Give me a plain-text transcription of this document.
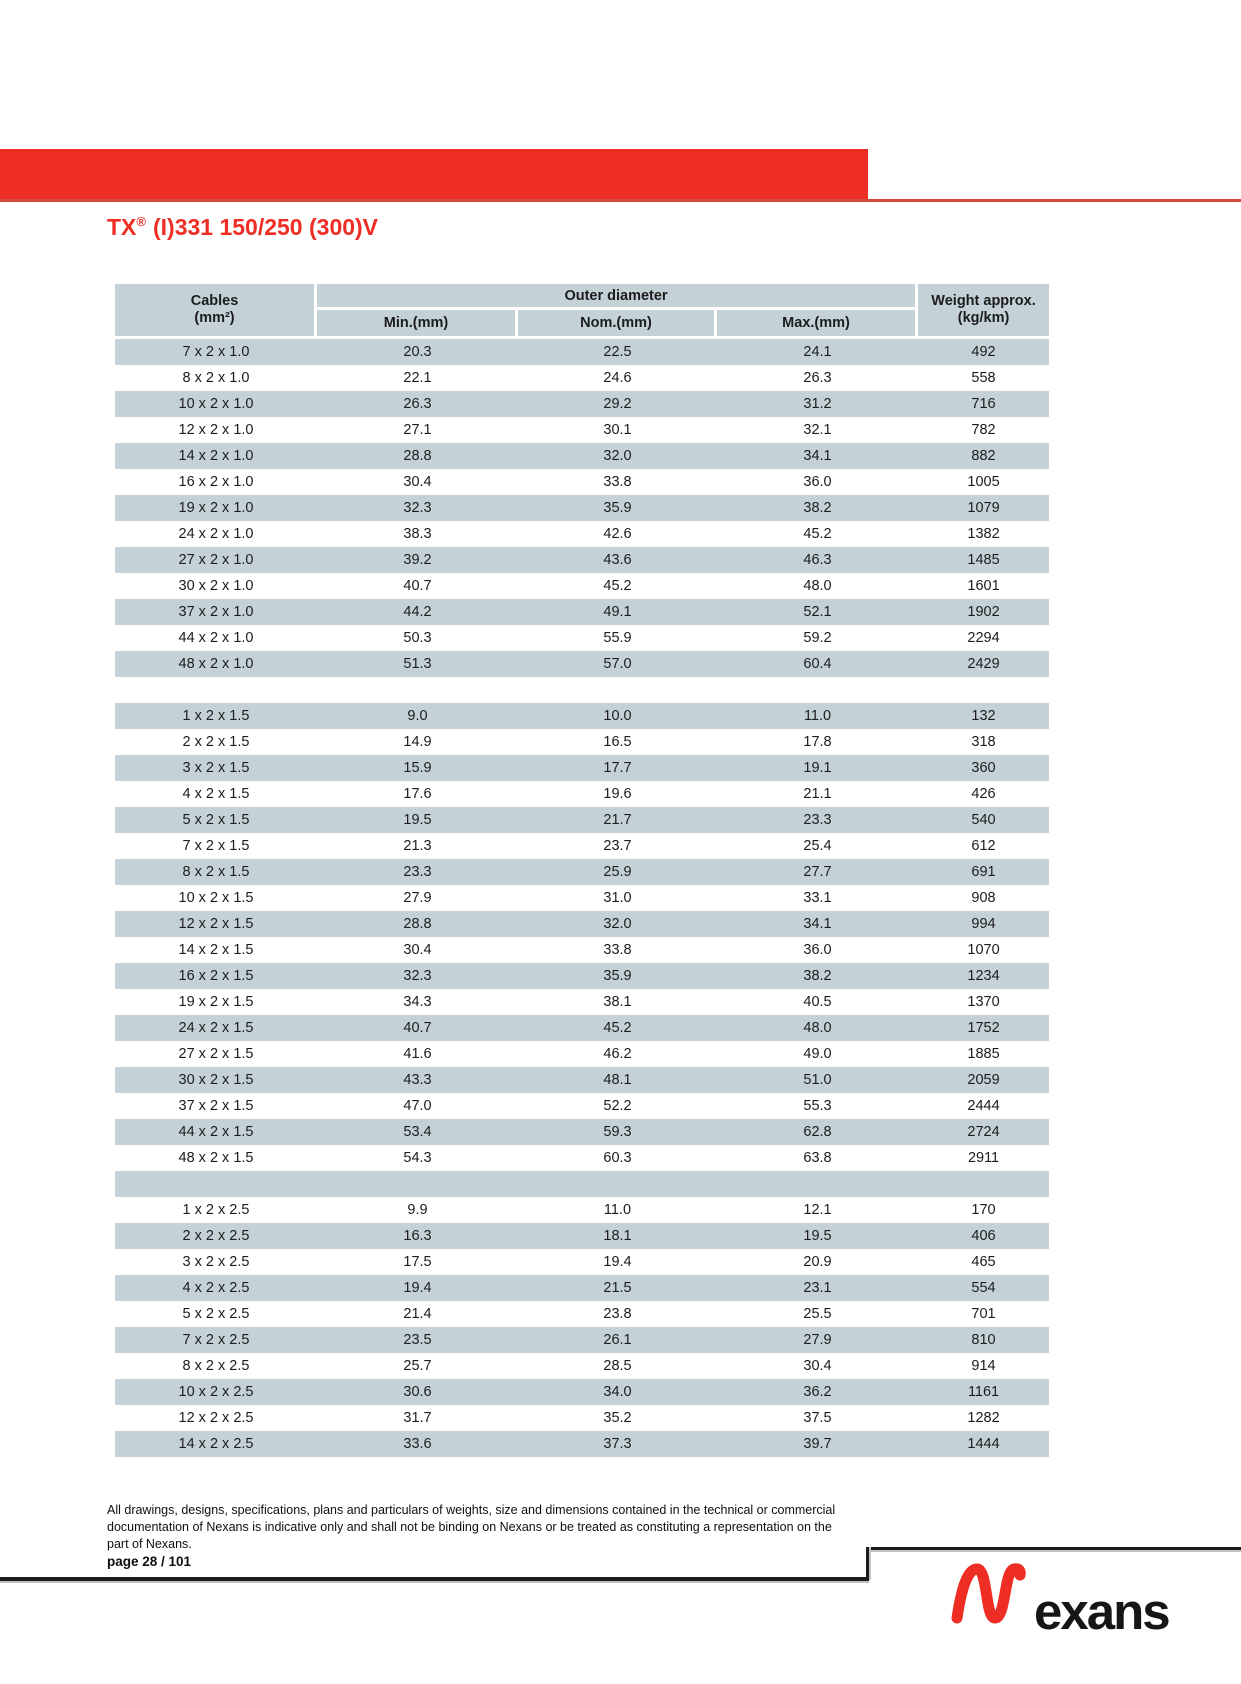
TX® (I)331 150/250 (300)V
Cables
(mm²)	Outer diameter			Weight approx.
(kg/km)

	Min.(mm)	Nom.(mm)	Max.(mm)	
7 x 2 x 1.0	20.3	22.5	24.1	492
8 x 2 x 1.0	22.1	24.6	26.3	558
10 x 2 x 1.0	26.3	29.2	31.2	716
12 x 2 x 1.0	27.1	30.1	32.1	782
14 x 2 x 1.0	28.8	32.0	34.1	882
16 x 2 x 1.0	30.4	33.8	36.0	1005
19 x 2 x 1.0	32.3	35.9	38.2	1079
24 x 2 x 1.0	38.3	42.6	45.2	1382
27 x 2 x 1.0	39.2	43.6	46.3	1485
30 x 2 x 1.0	40.7	45.2	48.0	1601
37 x 2 x 1.0	44.2	49.1	52.1	1902
44 x 2 x 1.0	50.3	55.9	59.2	2294
48 x 2 x 1.0	51.3	57.0	60.4	2429

1 x 2 x 1.5	9.0	10.0	11.0	132
2 x 2 x 1.5	14.9	16.5	17.8	318
3 x 2 x 1.5	15.9	17.7	19.1	360
4 x 2 x 1.5	17.6	19.6	21.1	426
5 x 2 x 1.5	19.5	21.7	23.3	540
7 x 2 x 1.5	21.3	23.7	25.4	612
8 x 2 x 1.5	23.3	25.9	27.7	691
10 x 2 x 1.5	27.9	31.0	33.1	908
12 x 2 x 1.5	28.8	32.0	34.1	994
14 x 2 x 1.5	30.4	33.8	36.0	1070
16 x 2 x 1.5	32.3	35.9	38.2	1234
19 x 2 x 1.5	34.3	38.1	40.5	1370
24 x 2 x 1.5	40.7	45.2	48.0	1752
27 x 2 x 1.5	41.6	46.2	49.0	1885
30 x 2 x 1.5	43.3	48.1	51.0	2059
37 x 2 x 1.5	47.0	52.2	55.3	2444
44 x 2 x 1.5	53.4	59.3	62.8	2724
48 x 2 x 1.5	54.3	60.3	63.8	2911

1 x 2 x 2.5	9.9	11.0	12.1	170
2 x 2 x 2.5	16.3	18.1	19.5	406
3 x 2 x 2.5	17.5	19.4	20.9	465
4 x 2 x 2.5	19.4	21.5	23.1	554
5 x 2 x 2.5	21.4	23.8	25.5	701
7 x 2 x 2.5	23.5	26.1	27.9	810
8 x 2 x 2.5	25.7	28.5	30.4	914
10 x 2 x 2.5	30.6	34.0	36.2	1161
12 x 2 x 2.5	31.7	35.2	37.5	1282
14 x 2 x 2.5	33.6	37.3	39.7	1444
All drawings, designs, specifications, plans and particulars of weights, size and dimensions contained in the technical or commercial
documentation of Nexans is indicative only and shall not be binding on Nexans or be treated as constituting a representation on the
part of Nexans.
page 28 / 101
exans
